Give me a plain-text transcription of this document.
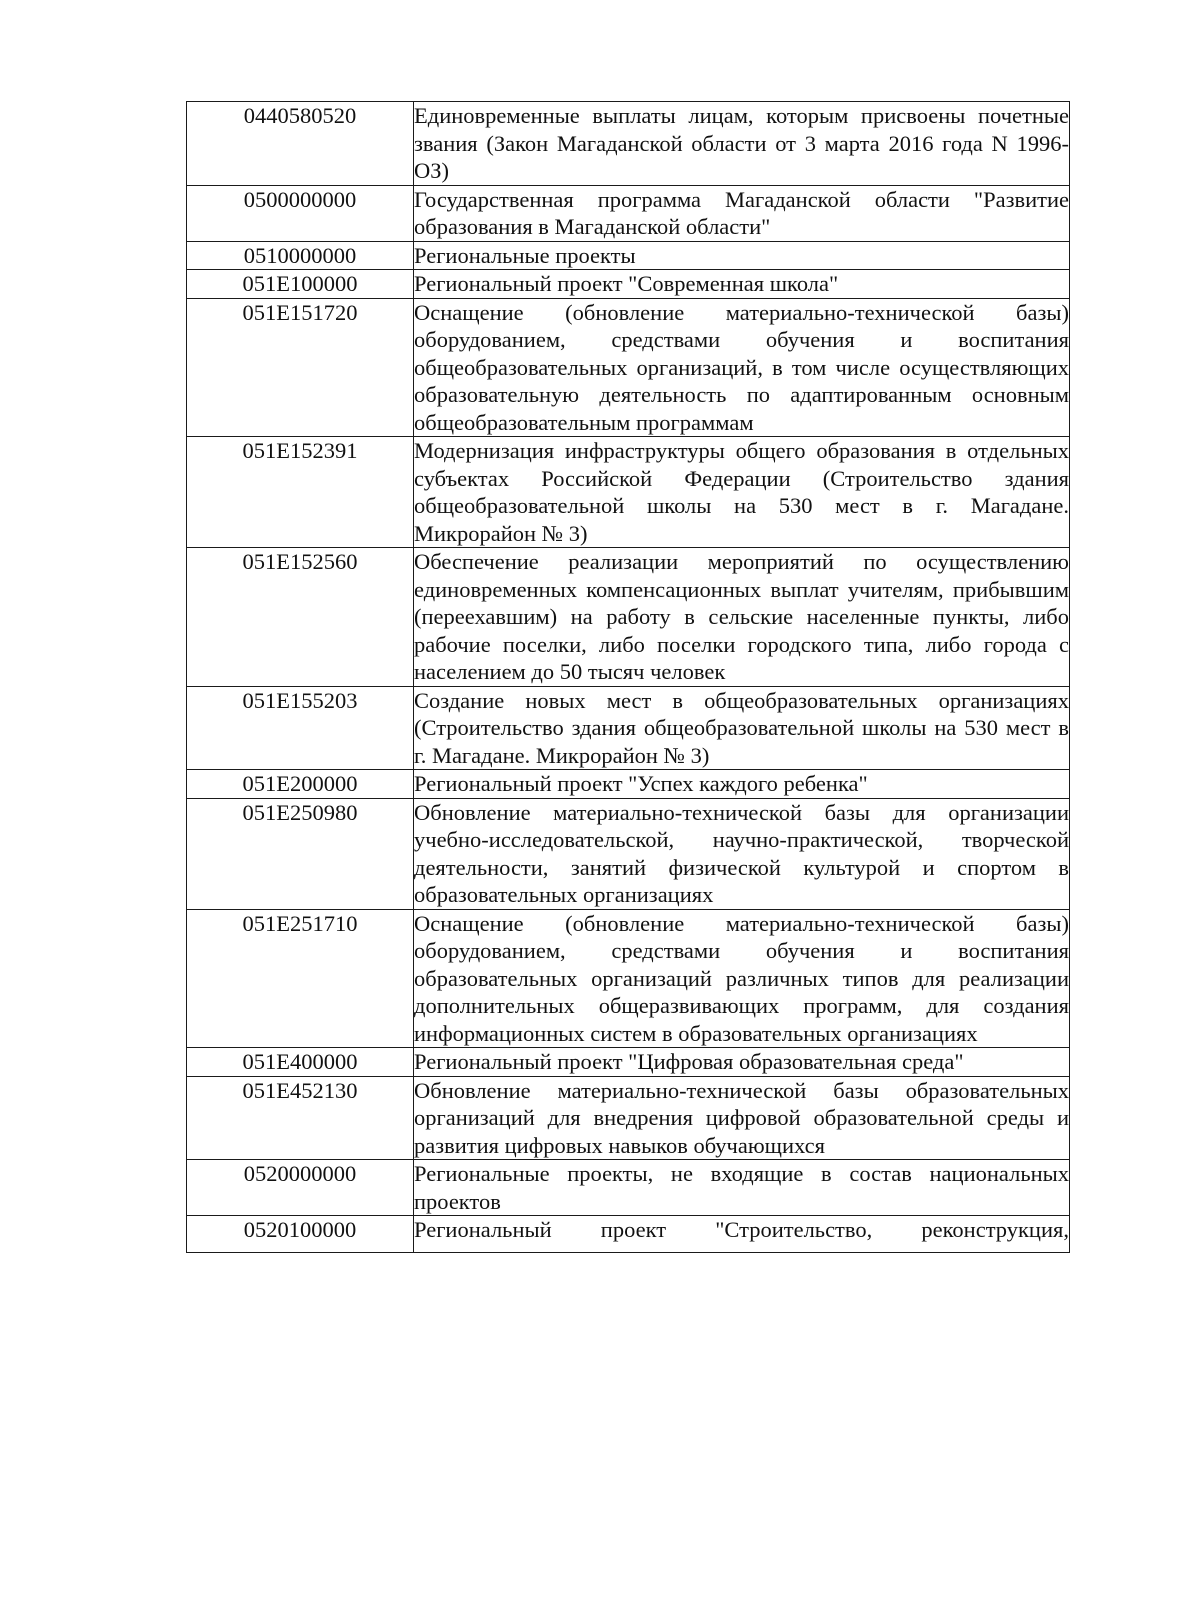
0440580520	Единовременные выплаты лицам, которым присвоены почетные звания (Закон Магаданской области от 3 марта 2016 года N 1996-ОЗ)

0500000000	Государственная программа Магаданской области "Развитие образования в Магаданской области"

0510000000	Региональные проекты

051E100000	Региональный проект "Современная школа"

051E151720	Оснащение (обновление материально-технической базы) оборудованием, средствами обучения и воспитания общеобразовательных организаций, в том числе осуществляющих образовательную деятельность по адаптированным основным общеобразовательным программам

051E152391	Модернизация инфраструктуры общего образования в отдельных субъектах Российской Федерации (Строительство здания общеобразовательной школы на 530 мест в г. Магадане. Микрорайон № 3)

051E152560	Обеспечение реализации мероприятий по осуществлению единовременных компенсационных выплат учителям, прибывшим (переехавшим) на работу в сельские населенные пункты, либо рабочие поселки, либо поселки городского типа, либо города с населением до 50 тысяч человек

051E155203	Создание новых мест в общеобразовательных организациях (Строительство здания общеобразовательной школы на 530 мест в г. Магадане. Микрорайон № 3)

051E200000	Региональный проект "Успех каждого ребенка"

051E250980	Обновление материально-технической базы для организации учебно-исследовательской, научно-практической, творческой деятельности, занятий физической культурой и спортом в образовательных организациях

051E251710	Оснащение (обновление материально-технической базы) оборудованием, средствами обучения и воспитания образовательных организаций различных типов для реализации дополнительных общеразвивающих программ, для создания информационных систем в образовательных организациях

051E400000	Региональный проект "Цифровая образовательная среда"

051E452130	Обновление материально-технической базы образовательных организаций для внедрения цифровой образовательной среды и развития цифровых навыков обучающихся

0520000000	Региональные проекты, не входящие в состав национальных проектов

0520100000	Региональный проект "Строительство, реконструкция,
